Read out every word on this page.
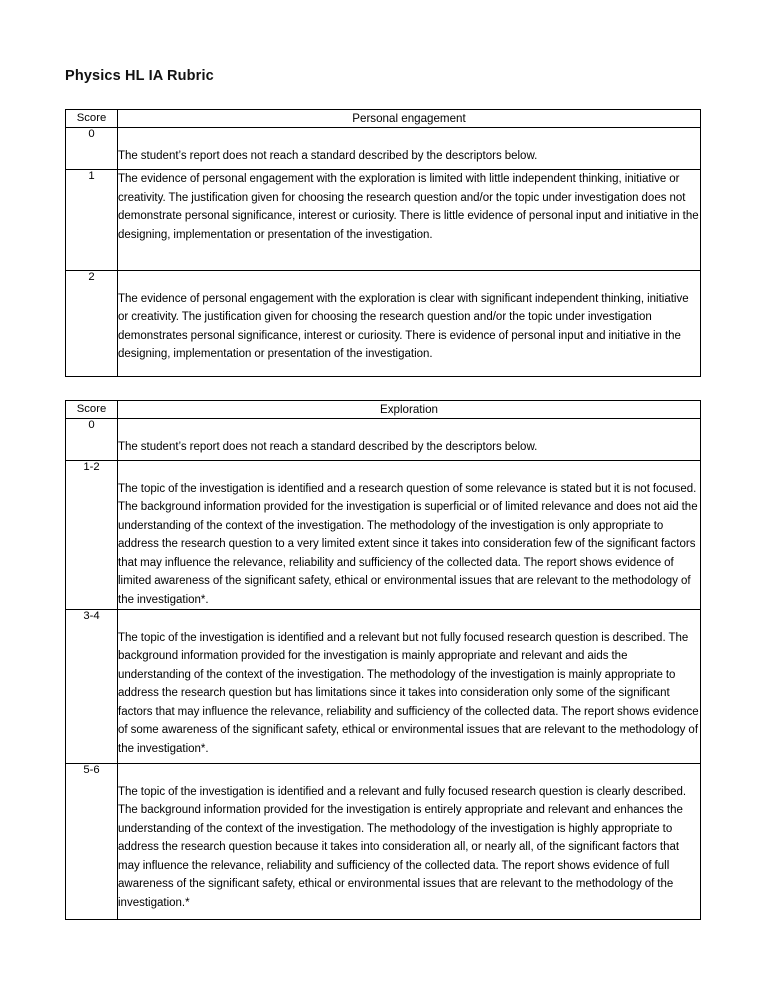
Physics HL IA Rubric
Score	Personal engagement
0	The student’s report does not reach a standard described by the descriptors below.

1	The evidence of personal engagement with the exploration is limited with little independent thinking, initiative or creativity. The justification given for choosing the research question and/or the topic under investigation does not demonstrate personal significance, interest or curiosity. There is little evidence of personal input and initiative in the designing, implementation or presentation of the investigation.

2	The evidence of personal engagement with the exploration is clear with significant independent thinking, initiative or creativity. The justification given for choosing the research question and/or the topic under investigation demonstrates personal significance, interest or curiosity. There is evidence of personal input and initiative in the designing, implementation or presentation of the investigation.

Score	Exploration
0	The student’s report does not reach a standard described by the descriptors below.

1-2	The topic of the investigation is identified and a research question of some relevance is stated but it is not focused. The background information provided for the investigation is superficial or of limited relevance and does not aid the understanding of the context of the investigation. The methodology of the investigation is only appropriate to address the research question to a very limited extent since it takes into consideration few of the significant factors that may influence the relevance, reliability and sufficiency of the collected data. The report shows evidence of limited awareness of the significant safety, ethical or environmental issues that are relevant to the methodology of the investigation*.

3-4	The topic of the investigation is identified and a relevant but not fully focused research question is described. The background information provided for the investigation is mainly appropriate and relevant and aids the understanding of the context of the investigation. The methodology of the investigation is mainly appropriate to address the research question but has limitations since it takes into consideration only some of the significant factors that may influence the relevance, reliability and sufficiency of the collected data. The report shows evidence of some awareness of the significant safety, ethical or environmental issues that are relevant to the methodology of the investigation*.

5-6	The topic of the investigation is identified and a relevant and fully focused research question is clearly described. The background information provided for the investigation is entirely appropriate and relevant and enhances the understanding of the context of the investigation. The methodology of the investigation is highly appropriate to address the research question because it takes into consideration all, or nearly all, of the significant factors that may influence the relevance, reliability and sufficiency of the collected data. The report shows evidence of full awareness of the significant safety, ethical or environmental issues that are relevant to the methodology of the investigation.*
